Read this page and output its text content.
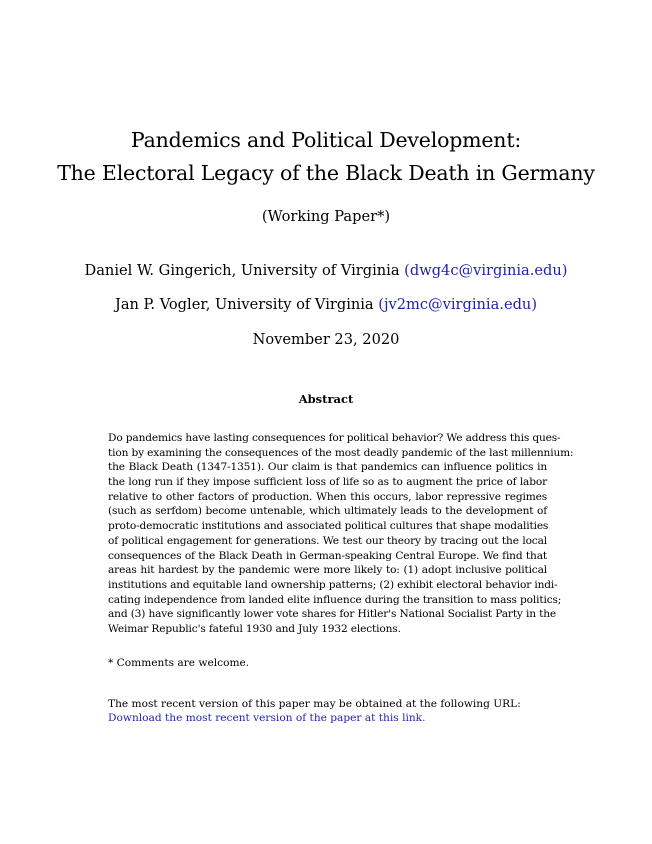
Pandemics and Political Development:
The Electoral Legacy of the Black Death in Germany
(Working Paper*)
Daniel W. Gingerich, University of Virginia (dwg4c@virginia.edu)
Jan P. Vogler, University of Virginia (jv2mc@virginia.edu)
November 23, 2020
Abstract
Do pandemics have lasting consequences for political behavior? We address this ques-
tion by examining the consequences of the most deadly pandemic of the last millennium:
the Black Death (1347-1351). Our claim is that pandemics can influence politics in
the long run if they impose sufficient loss of life so as to augment the price of labor
relative to other factors of production. When this occurs, labor repressive regimes
(such as serfdom) become untenable, which ultimately leads to the development of
proto-democratic institutions and associated political cultures that shape modalities
of political engagement for generations. We test our theory by tracing out the local
consequences of the Black Death in German-speaking Central Europe. We find that
areas hit hardest by the pandemic were more likely to: (1) adopt inclusive political
institutions and equitable land ownership patterns; (2) exhibit electoral behavior indi-
cating independence from landed elite influence during the transition to mass politics;
and (3) have significantly lower vote shares for Hitler's National Socialist Party in the
Weimar Republic's fateful 1930 and July 1932 elections.
* Comments are welcome.
The most recent version of this paper may be obtained at the following URL:
Download the most recent version of the paper at this link.
